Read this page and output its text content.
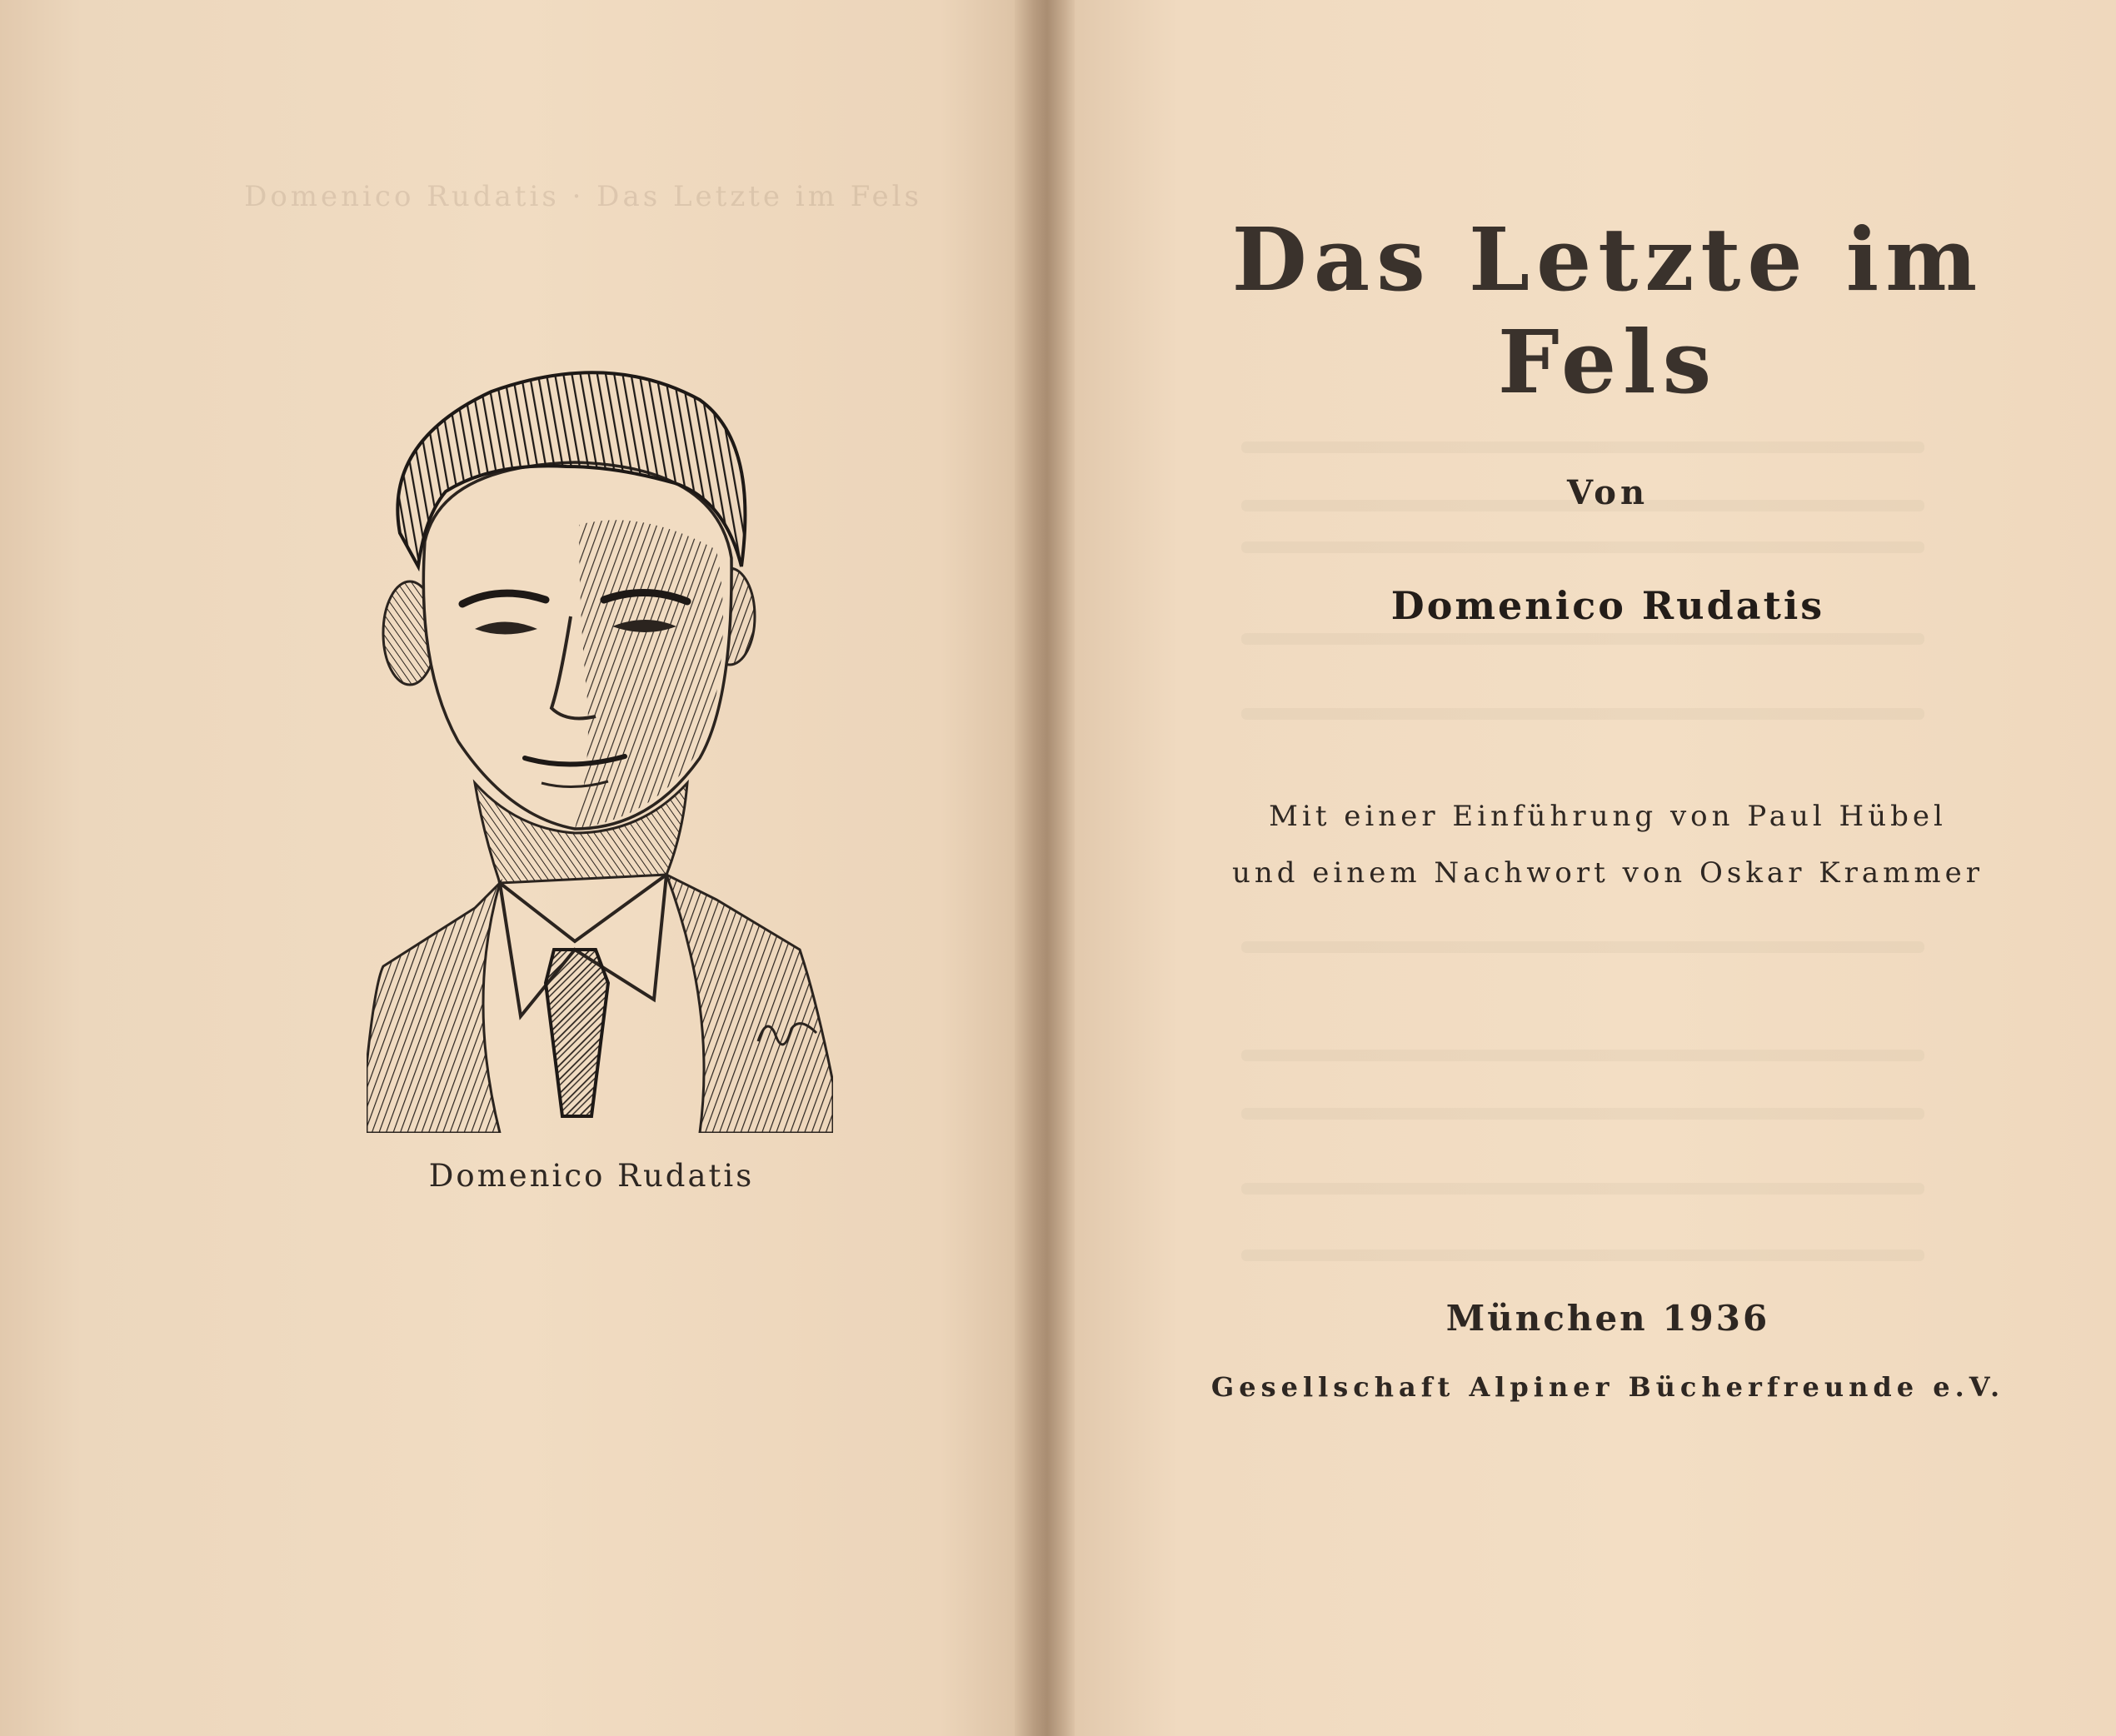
Domenico Rudatis · Das Letzte im Fels
Domenico Rudatis
Das Letzte im Fels
Von
Domenico Rudatis
Mit einer Einführung von Paul Hübel
und einem Nachwort von Oskar Krammer
München 1936
Gesellschaft Alpiner Bücherfreunde e.V.
